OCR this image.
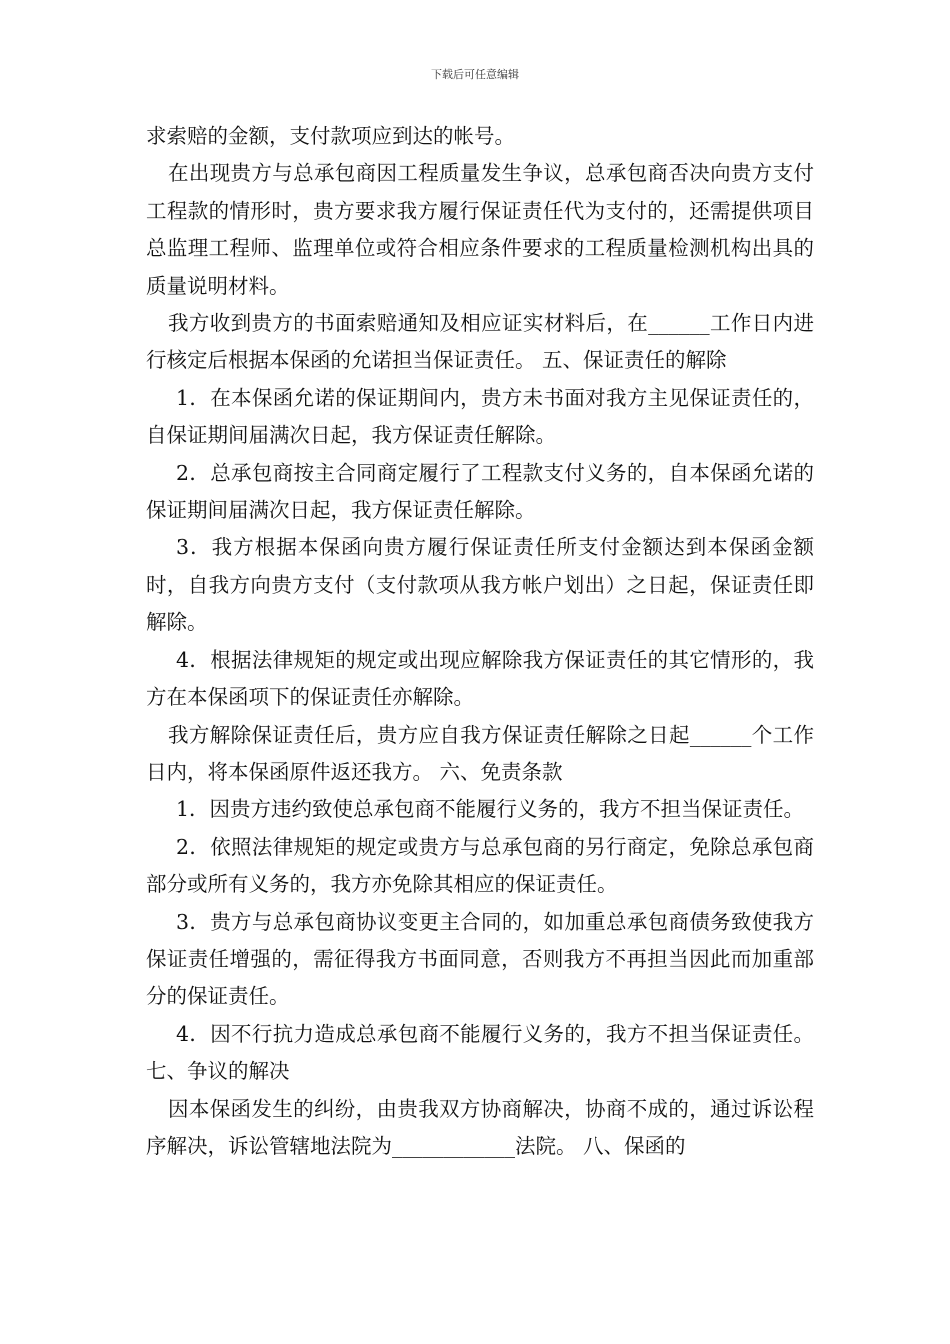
下载后可任意编辑

求索赔的金额，支付款项应到达的帐号。

在出现贵方与总承包商因工程质量发生争议，总承包商否决向贵方支付工程款的情形时，贵方要求我方履行保证责任代为支付的，还需提供项目总监理工程师、监理单位或符合相应条件要求的工程质量检测机构出具的质量说明材料。

我方收到贵方的书面索赔通知及相应证实材料后，在______工作日内进行核定后根据本保函的允诺担当保证责任。 五、保证责任的解除

1．在本保函允诺的保证期间内，贵方未书面对我方主见保证责任的，自保证期间届满次日起，我方保证责任解除。

2．总承包商按主合同商定履行了工程款支付义务的，自本保函允诺的保证期间届满次日起，我方保证责任解除。

3．我方根据本保函向贵方履行保证责任所支付金额达到本保函金额时，自我方向贵方支付（支付款项从我方帐户划出）之日起，保证责任即解除。

4．根据法律规矩的规定或出现应解除我方保证责任的其它情形的，我方在本保函项下的保证责任亦解除。

我方解除保证责任后，贵方应自我方保证责任解除之日起______个工作日内，将本保函原件返还我方。 六、免责条款

1．因贵方违约致使总承包商不能履行义务的，我方不担当保证责任。

2．依照法律规矩的规定或贵方与总承包商的另行商定，免除总承包商部分或所有义务的，我方亦免除其相应的保证责任。

3．贵方与总承包商协议变更主合同的，如加重总承包商债务致使我方保证责任增强的，需征得我方书面同意，否则我方不再担当因此而加重部分的保证责任。

4．因不行抗力造成总承包商不能履行义务的，我方不担当保证责任。 七、争议的解决

因本保函发生的纠纷，由贵我双方协商解决，协商不成的，通过诉讼程序解决，诉讼管辖地法院为____________法院。 八、保函的
